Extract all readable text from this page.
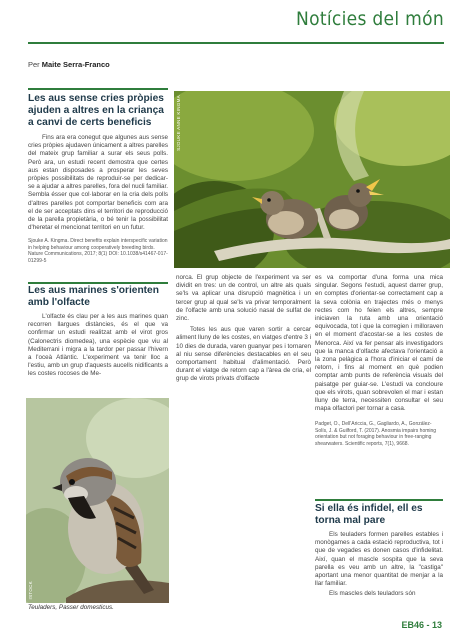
Notícies del món
Per Maite Serra-Franco
Les aus sense cries pròpies ajuden a altres en la criança a canvi de certs beneficis

Fins ara era conegut que algunes aus sense cries pròpies ajudaven únicament a altres parelles del mateix grup familiar a surar els seus polls. Però ara, un estudi recent demostra que certes aus estan disposades a prosperar les seves pròpies possibilitats de reproduir-se per dedicar-se a ajudar a altres parelles, fora del nucli familiar. Sembla ésser que col·laborar en la cria dels polls d'altres parelles pot comportar beneficis com ara el de ser acceptats dins el territori de reproducció de la parella propietària, o bé tenir la possibilitat d'heretar el mencionat territori en un futur.

Sjouke A. Kingma. Direct benefits explain interspecific variation in helping behaviour among cooperatively breeding birds. Nature Communications, 2017; 8(1) DOI: 10.1038/s41467-017-01299-5

SJOUKE ANNE KINGMA
Les aus marines s'orienten amb l'olfacte

L'olfacte és clau per a les aus marines quan recorren llargues distàncies, és el que va confirmar un estudi realitzat amb el virot gros (Calonectris diomedea), una espècie que viu al Mediterrani i migra a la tardor per passar l'hivern a l'oceà Atlàntic. L'experiment va tenir lloc a l'estiu, amb un grup d'aquests aucells nidificants a les costes rocoses de Me-

ISTOCK
Teuladers, Passer domesticus.

norca. El grup objecte de l'experiment va ser dividit en tres: un de control, un altre als quals se'ls va aplicar una disrupció magnètica i un tercer grup al qual se'ls va privar temporalment de l'olfacte amb una solució nasal de sulfat de zinc.

Totes les aus que varen sortir a cercar aliment lluny de les costes, en viatges d'entre 3 i 10 dies de durada, varen guanyar pes i tornaren al niu sense diferències destacables en el seu comportament habitual d'alimentació. Però durant el viatge de retorn cap a l'àrea de cria, el grup de virots privats d'olfacte

es va comportar d'una forma una mica singular. Segons l'estudi, aquest darrer grup, en comptes d'orientar-se correctament cap a la seva colònia en trajectes més o menys rectes com ho feien els altres, sempre iniciaven la ruta amb una orientació equivocada, tot i que la corregien i milloraven en el moment d'acostar-se a les costes de Menorca. Així va fer pensar als investigadors que la manca d'olfacte afectava l'orientació a la zona pelàgica a l'hora d'iniciar el camí de retorn, i fins al moment en què podien comptar amb punts de referència visuals del paisatge per guiar-se. L'estudi va concloure que els virots, quan sobrevolen el mar i estan lluny de terra, necessiten consultar el seu mapa olfactori per tornar a casa.

Padget, O., Dell'Ariccia, G., Gagliardo, A., González-Solís, J. & Guilford, T. (2017). Anosmia impairs homing orientation but not foraging behaviour in free-ranging shearwaters. Scientific reports, 7(1), 9668.

Si ella és infidel, ell es torna mal pare

Els teuladers formen parelles estables i monògames a cada estació reproductiva, tot i que de vegades es donen casos d'infidelitat. Així, quan el mascle sospita que la seva parella es veu amb un altre, la "castiga" aportant una menor quantitat de menjar a la llar familiar.

Els mascles dels teuladors són

EB46 - 13
